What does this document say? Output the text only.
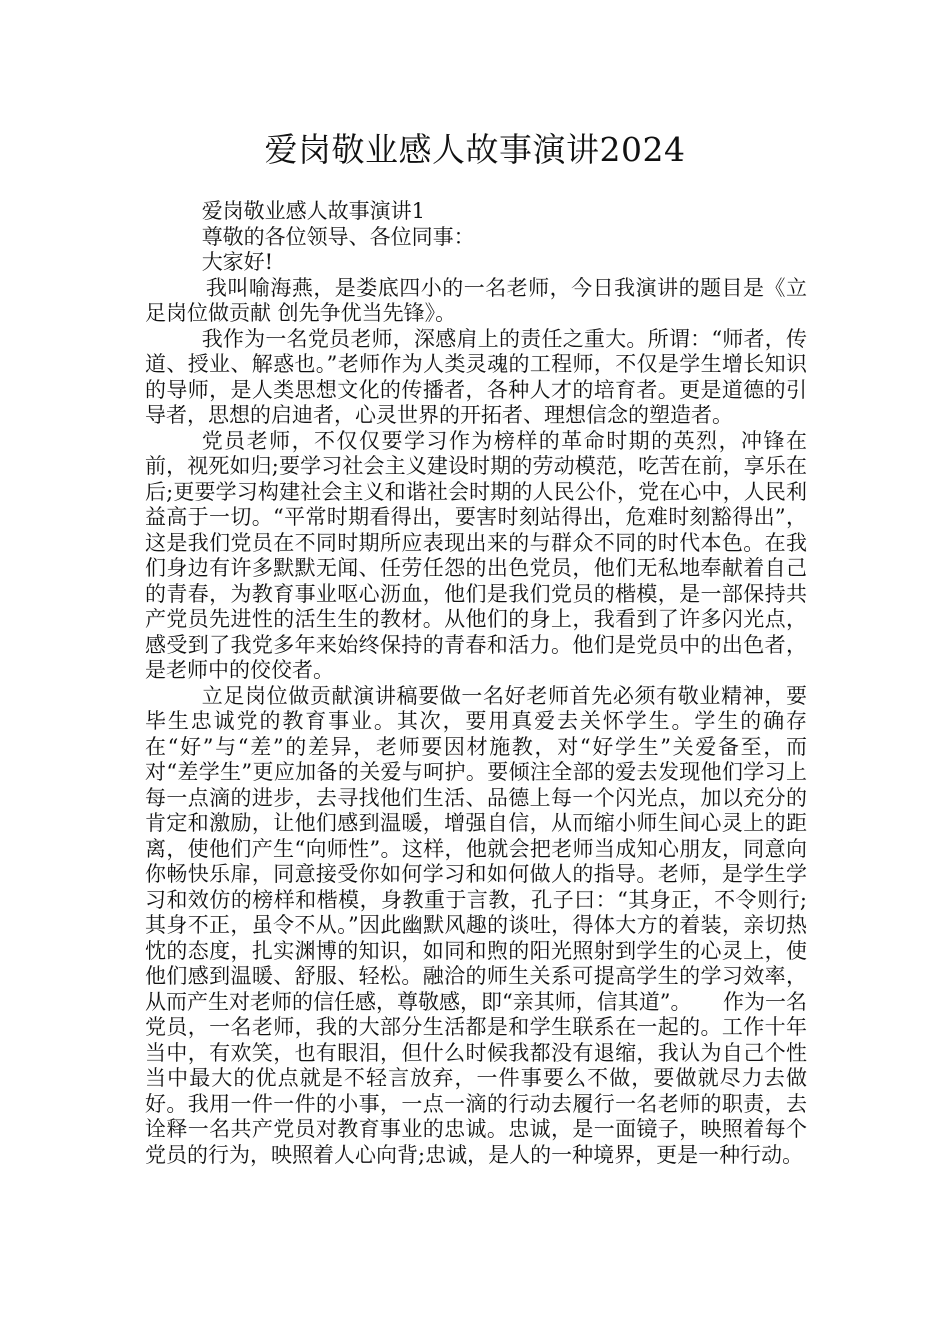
爱岗敬业感人故事演讲2024

爱岗敬业感人故事演讲1

尊敬的各位领导、各位同事：

大家好!

我叫喻海燕，是娄底四小的一名老师，今日我演讲的题目是《立足岗位做贡献 创先争优当先锋》。

我作为一名党员老师，深感肩上的责任之重大。所谓：“师者，传道、授业、解惑也。”老师作为人类灵魂的工程师，不仅是学生增长知识的导师，是人类思想文化的传播者，各种人才的培育者。更是道德的引导者，思想的启迪者，心灵世界的开拓者、理想信念的塑造者。

党员老师，不仅仅要学习作为榜样的革命时期的英烈，冲锋在前，视死如归;要学习社会主义建设时期的劳动模范，吃苦在前，享乐在后;更要学习构建社会主义和谐社会时期的人民公仆，党在心中，人民利益高于一切。“平常时期看得出，要害时刻站得出，危难时刻豁得出”，这是我们党员在不同时期所应表现出来的与群众不同的时代本色。在我们身边有许多默默无闻、任劳任怨的出色党员，他们无私地奉献着自己的青春，为教育事业呕心沥血，他们是我们党员的楷模，是一部保持共产党员先进性的活生生的教材。从他们的身上，我看到了许多闪光点，感受到了我党多年来始终保持的青春和活力。他们是党员中的出色者，是老师中的佼佼者。

立足岗位做贡献演讲稿要做一名好老师首先必须有敬业精神，要毕生忠诚党的教育事业。其次，要用真爱去关怀学生。学生的确存在“好”与“差”的差异，老师要因材施教，对“好学生”关爱备至，而对“差学生”更应加备的关爱与呵护。要倾注全部的爱去发现他们学习上每一点滴的进步，去寻找他们生活、品德上每一个闪光点，加以充分的肯定和激励，让他们感到温暖，增强自信，从而缩小师生间心灵上的距离，使他们产生“向师性”。这样，他就会把老师当成知心朋友，同意向你畅快乐扉，同意接受你如何学习和如何做人的指导。老师，是学生学习和效仿的榜样和楷模，身教重于言教，孔子曰：“其身正，不令则行;其身不正，虽令不从。”因此幽默风趣的谈吐，得体大方的着装，亲切热忱的态度，扎实渊博的知识，如同和煦的阳光照射到学生的心灵上，使他们感到温暖、舒服、轻松。融洽的师生关系可提高学生的学习效率，从而产生对老师的信任感，尊敬感，即“亲其师，信其道”。　　作为一名党员，一名老师，我的大部分生活都是和学生联系在一起的。工作十年当中，有欢笑，也有眼泪，但什么时候我都没有退缩，我认为自己个性当中最大的优点就是不轻言放弃，一件事要么不做，要做就尽力去做好。我用一件一件的小事，一点一滴的行动去履行一名老师的职责，去诠释一名共产党员对教育事业的忠诚。忠诚，是一面镜子，映照着每个党员的行为，映照着人心向背;忠诚，是人的一种境界，更是一种行动。
